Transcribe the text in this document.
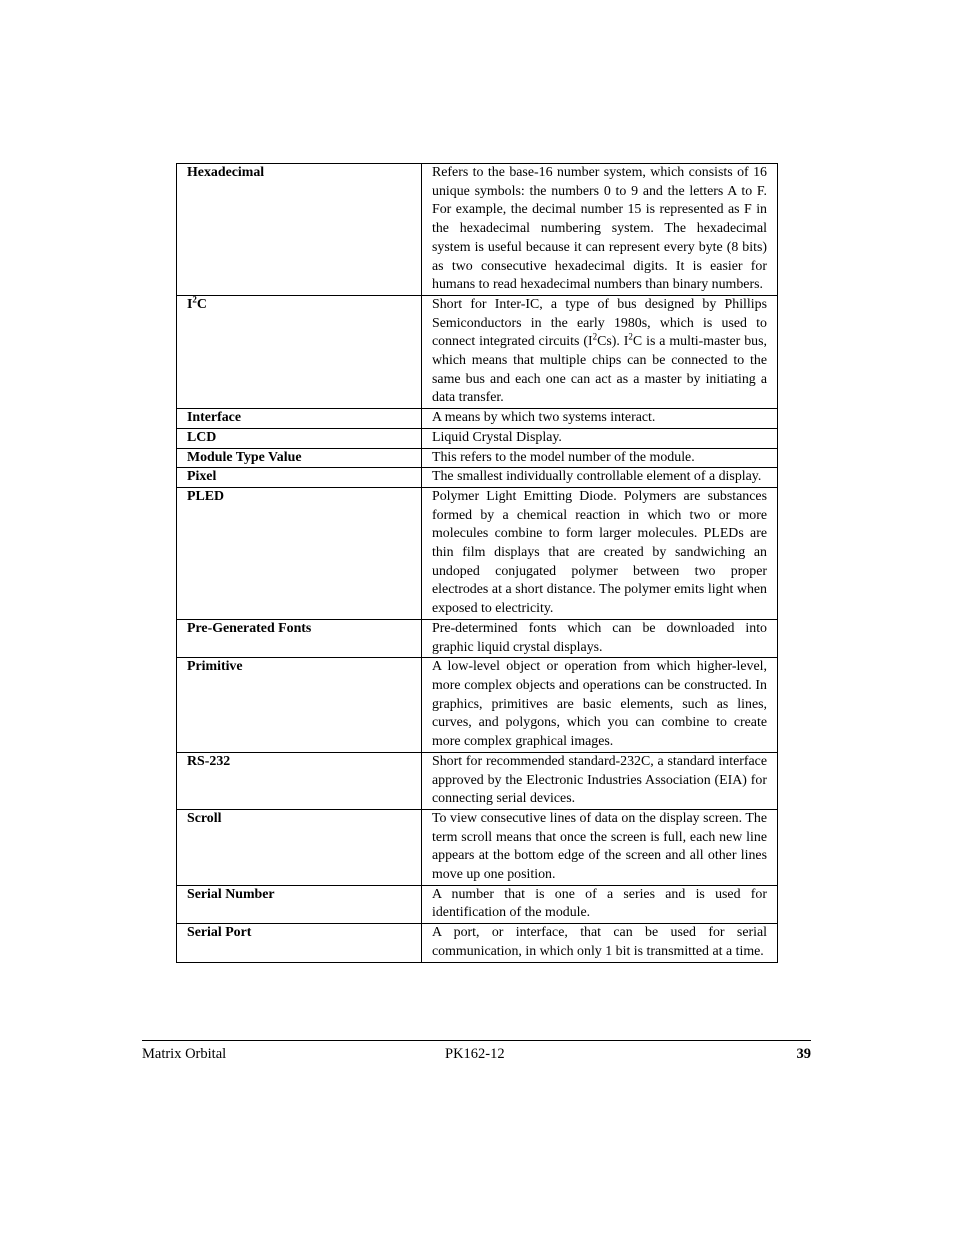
Hexadecimal	Refers to the base-16 number system, which consists of 16 unique symbols: the numbers 0 to 9 and the letters A to F. For example, the decimal number 15 is represented as F in the hexadecimal numbering system. The hexadecimal system is useful because it can represent every byte (8 bits) as two consecutive hexadecimal digits. It is easier for humans to read hexadecimal numbers than binary numbers.
$I^2C$	Short for Inter-IC, a type of bus designed by Phillips Semiconductors in the early 1980s, which is used to connect integrated circuits $(I^2Cs)$. $I^2C$ is a multi-master bus, which means that multiple chips can be connected to the same bus and each one can act as a master by initiating a data transfer.
Interface	A means by which two systems interact.
LCD	Liquid Crystal Display.
Module Type Value	This refers to the model number of the module.
Pixel	The smallest individually controllable element of a display.
PLED	Polymer Light Emitting Diode. Polymers are substances formed by a chemical reaction in which two or more molecules combine to form larger molecules. PLEDs are thin film displays that are created by sandwiching an undoped conjugated polymer between two proper electrodes at a short distance. The polymer emits light when exposed to electricity.
Pre-Generated Fonts	Pre-determined fonts which can be downloaded into graphic liquid crystal displays.
Primitive	A low-level object or operation from which higher-level, more complex objects and operations can be constructed. In graphics, primitives are basic elements, such as lines, curves, and polygons, which you can combine to create more complex graphical images.
RS-232	Short for recommended standard-232C, a standard interface approved by the Electronic Industries Association (EIA) for connecting serial devices.
Scroll	To view consecutive lines of data on the display screen. The term scroll means that once the screen is full, each new line appears at the bottom edge of the screen and all other lines move up one position.
Serial Number	A number that is one of a series and is used for identification of the module.
Serial Port	A port, or interface, that can be used for serial communication, in which only 1 bit is transmitted at a time.
Matrix Orbital	PK162-12	39
